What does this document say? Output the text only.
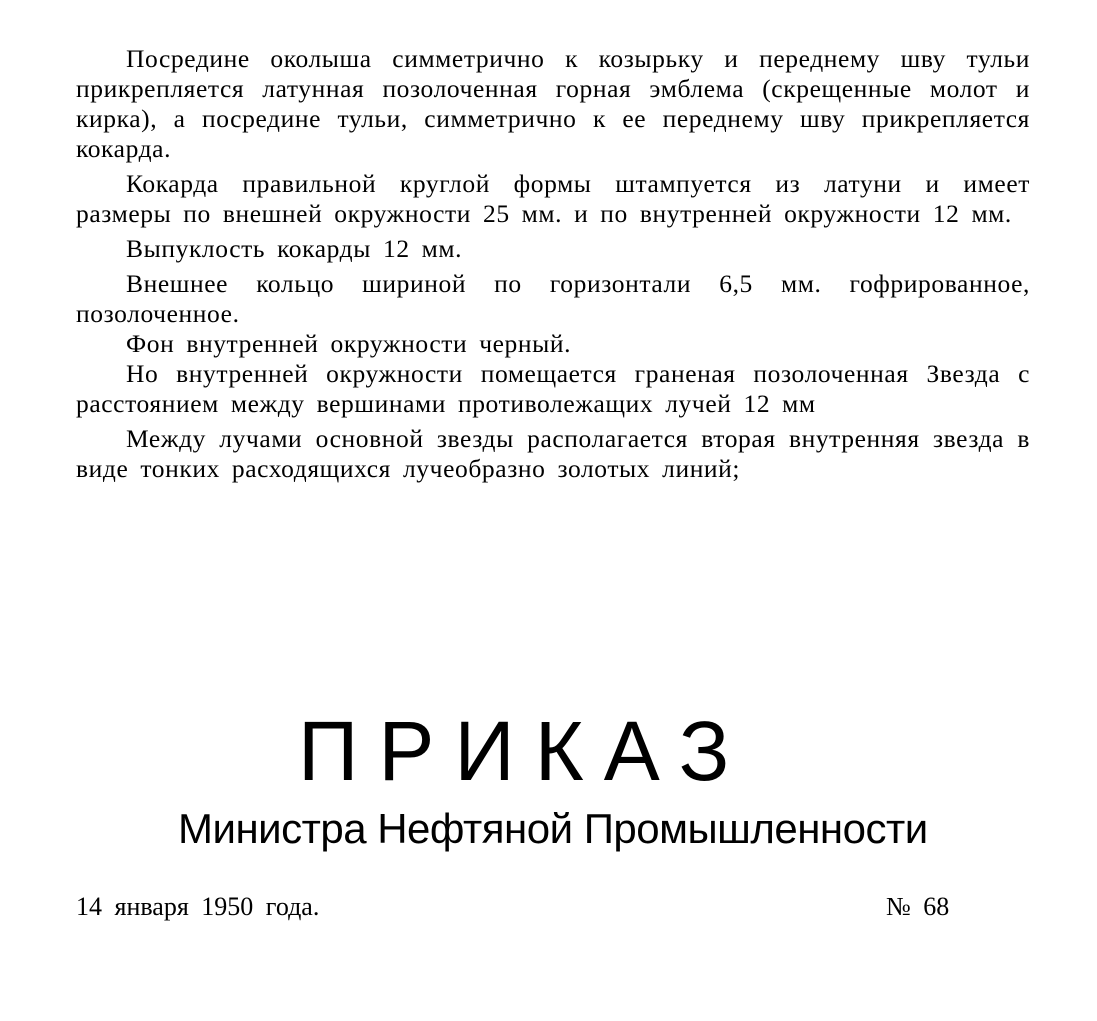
Посредине околыша симметрично к козырьку и переднему шву тульи прикрепляется латунная позолоченная горная эмблема (скрещенные молот и кирка), а посредине тульи, симметрично к ее переднему шву прикрепляется кокарда.

Кокарда правильной круглой формы штампуется из латуни и имеет размеры по внешней окружности 25 мм. и по внутренней окружности 12 мм.

Выпуклость кокарды 12 мм.

Внешнее кольцо шириной по горизонтали 6,5 мм. гофрированное, позолоченное.

Фон внутренней окружности черный.

Но внутренней окружности помещается граненая позолоченная Звезда с расстоянием между вершинами противолежащих лучей 12 мм

Между лучами основной звезды располагается вторая внутренняя звезда в виде тонких расходящихся лучеобразно золотых линий;

ПРИКАЗ
Министра Нефтяной Промышленности
14 января 1950 года.	№ 68
